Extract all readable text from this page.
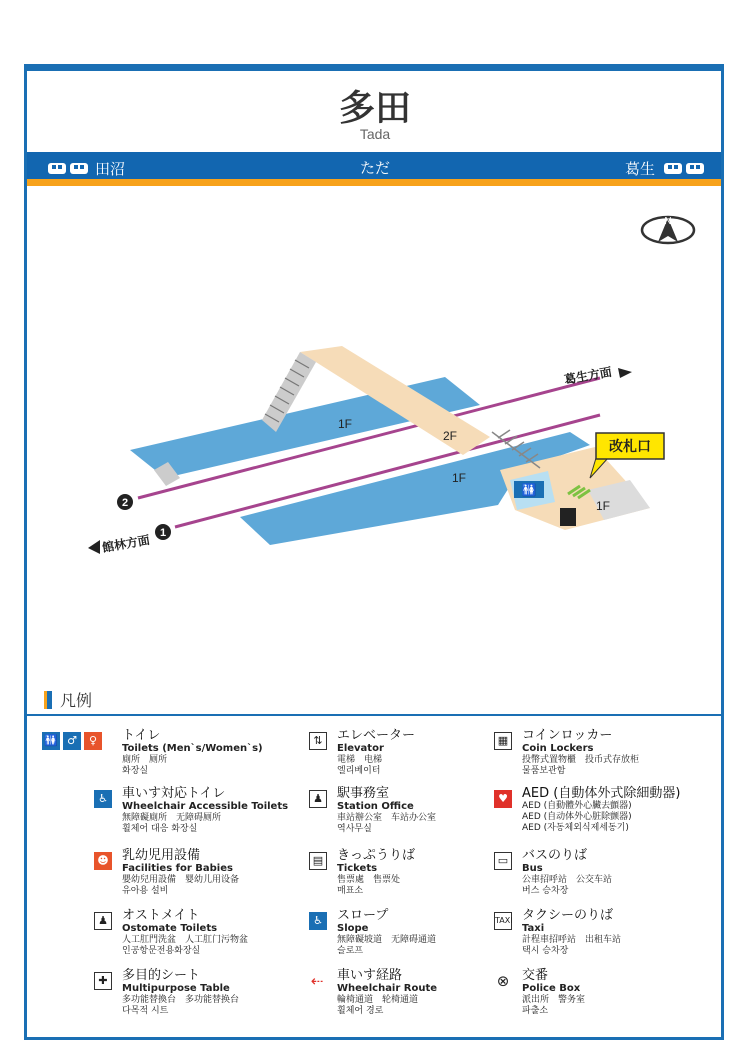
多田
Tada
田沼	ただ	葛生
N
🚻
1F
2F
1F
1F
改札口
葛生方面
館林方面
2
1
凡例
🚻 ♂	♀	トイレ
Toilets (Men`s/Women`s)
廁所　厕所
화장실
♿	車いす対応トイレ
Wheelchair Accessible Toilets
無障礙廁所　无障碍厕所
휠체어 대응 화장실
☻ 乳幼児用設備
Facilities for Babies
嬰幼兒用設備　婴幼儿用设备
유아용 설비
♟	オストメイト
Ostomate Toilets
人工肛門洗盆　人工肛门污物盆
인공항문전용화장실
✚	多目的シート
Multipurpose Table
多功能替換台　多功能替换台
다목적 시트
⇅	エレベーター
Elevator
電梯　电梯
엘리베이터
♟	駅事務室
Station Office
車站辦公室　车站办公室
역사무실
▤ きっぷうりば
Tickets
售票處　售票处
매표소
♿	スロープ
Slope
無障礙坡道　无障碍通道
슬로프
⇠ 車いす経路
Wheelchair Route
輪椅通道　轮椅通道
휠체어 경로
▦ コインロッカー
Coin Lockers
投幣式置物櫃　投币式存放柜
물품보관함
♥	AED (自動体外式除細動器)
AED (自動體外心臟去顫器)
AED (自动体外心脏除颤器)
AED (자동체외식제세동기)
▭ バスのりば
Bus
公車招呼站　公交车站
버스 승차장
TAXI タクシーのりば
Taxi
計程車招呼站　出租车站
택시 승차장
⊗ 交番
Police Box
派出所　警务室
파출소
